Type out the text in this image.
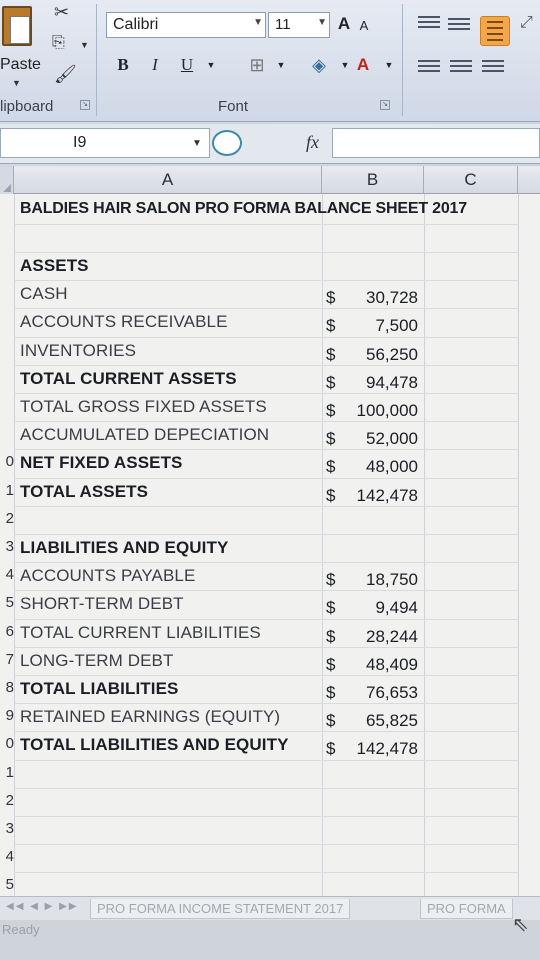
Paste
▼
✂
⎘ ▼
🖌
lipboard	↘
Calibri	▼ 11	▼ A A
B	I	U	▼	⊞	▼	◈	▼ A	▼
Font	↘
⤢
I9	▼	fx
A	B	C
BALDIES HAIR SALON PRO FORMA BALANCE SHEET 2017
ASSETS
CASH	$ 30,728
ACCOUNTS RECEIVABLE	$ 7,500
INVENTORIES	$ 56,250
TOTAL CURRENT ASSETS	$ 94,478
TOTAL GROSS FIXED ASSETS	$ 100,000
ACCUMULATED DEPECIATION	$ 52,000
0 NET FIXED ASSETS	$ 48,000
1 TOTAL ASSETS	$ 142,478
2
3 LIABILITIES AND EQUITY
4 ACCOUNTS PAYABLE	$ 18,750
5 SHORT-TERM DEBT	$ 9,494
6 TOTAL CURRENT LIABILITIES	$ 28,244
7 LONG-TERM DEBT	$ 48,409
8 TOTAL LIABILITIES	$ 76,653
9 RETAINED EARNINGS (EQUITY)	$ 65,825
0 TOTAL LIABILITIES AND EQUITY $ 142,478
1
2
3
4
5
◀◀ ◀ ▶ ▶▶	PRO FORMA INCOME STATEMENT 2017	PRO FORMA
Ready	⇖
